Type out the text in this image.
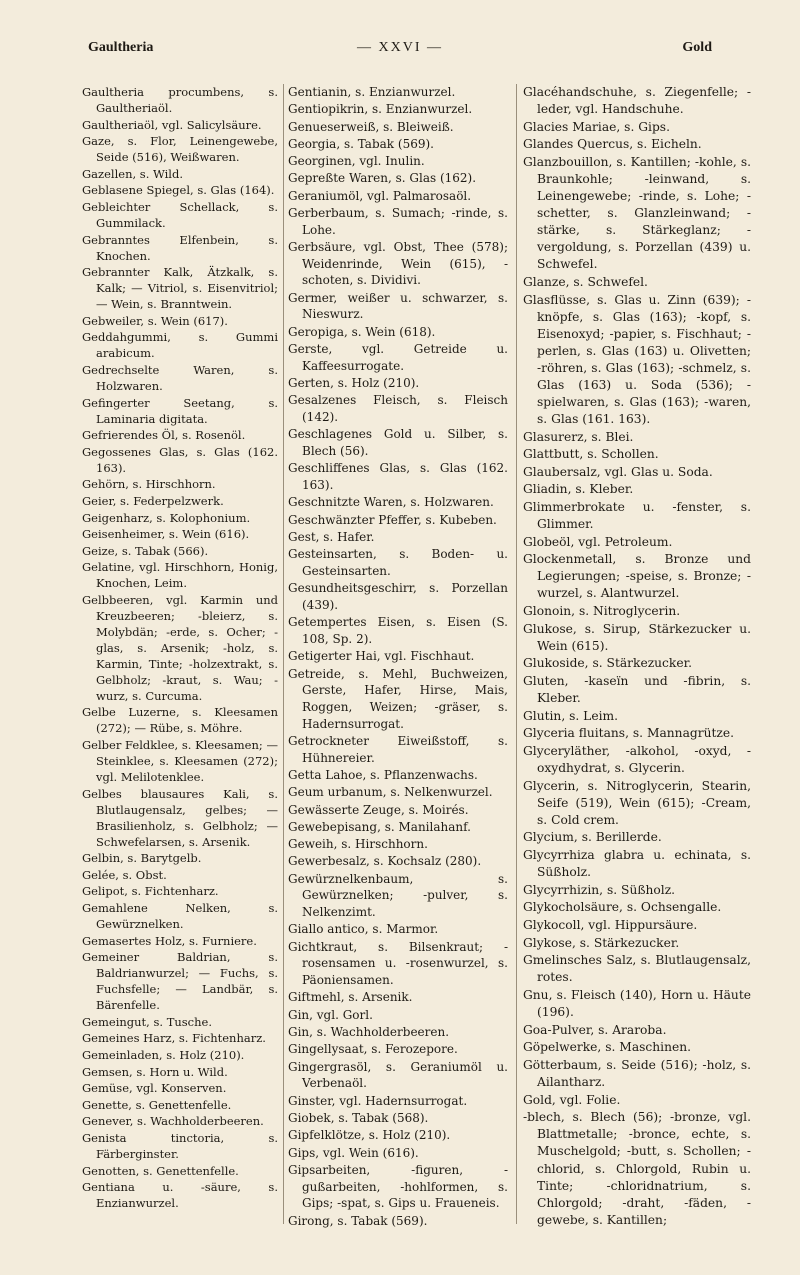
Gaultheria	— XXVI —	Gold

Gaultheria procumbens, s. Gaultheriaöl.

Gaultheriaöl, vgl. Salicylsäure.

Gaze, s. Flor, Leinengewebe, Seide (516), Weißwaren.

Gazellen, s. Wild.

Geblasene Spiegel, s. Glas (164).

Gebleichter Schellack, s. Gummilack.

Gebranntes Elfenbein, s. Knochen.

Gebrannter Kalk, Ätzkalk, s. Kalk; — Vitriol, s. Eisenvitriol; — Wein, s. Branntwein.

Gebweiler, s. Wein (617).

Geddahgummi, s. Gummi arabicum.

Gedrechselte Waren, s. Holzwaren.

Gefingerter Seetang, s. Laminaria digitata.

Gefrierendes Öl, s. Rosenöl.

Gegossenes Glas, s. Glas (162. 163).

Gehörn, s. Hirschhorn.

Geier, s. Federpelzwerk.

Geigenharz, s. Kolophonium.

Geisenheimer, s. Wein (616).

Geize, s. Tabak (566).

Gelatine, vgl. Hirschhorn, Honig, Knochen, Leim.

Gelbbeeren, vgl. Karmin und Kreuzbeeren; -bleierz, s. Molybdän; -erde, s. Ocher; -glas, s. Arsenik; -holz, s. Karmin, Tinte; -holzextrakt, s. Gelbholz; -kraut, s. Wau; -wurz, s. Curcuma.

Gelbe Luzerne, s. Kleesamen (272); — Rübe, s. Möhre.

Gelber Feldklee, s. Kleesamen; — Steinklee, s. Kleesamen (272); vgl. Melilotenklee.

Gelbes blausaures Kali, s. Blutlaugensalz, gelbes; — Brasilienholz, s. Gelbholz; — Schwefelarsen, s. Arsenik.

Gelbin, s. Barytgelb.

Gelée, s. Obst.

Gelipot, s. Fichtenharz.

Gemahlene Nelken, s. Gewürznelken.

Gemasertes Holz, s. Furniere.

Gemeiner Baldrian, s. Baldrianwurzel; — Fuchs, s. Fuchsfelle; — Landbär, s. Bärenfelle.

Gemeingut, s. Tusche.

Gemeines Harz, s. Fichtenharz.

Gemeinladen, s. Holz (210).

Gemsen, s. Horn u. Wild.

Gemüse, vgl. Konserven.

Genette, s. Genettenfelle.

Genever, s. Wachholderbeeren.

Genista tinctoria, s. Färberginster.

Genotten, s. Genettenfelle.

Gentiana u. -säure, s. Enzianwurzel.

Gentianin, s. Enzianwurzel.

Gentiopikrin, s. Enzianwurzel.

Genueserweiß, s. Bleiweiß.

Georgia, s. Tabak (569).

Georginen, vgl. Inulin.

Gepreßte Waren, s. Glas (162).

Geraniumöl, vgl. Palmarosaöl.

Gerberbaum, s. Sumach; -rinde, s. Lohe.

Gerbsäure, vgl. Obst, Thee (578); Weidenrinde, Wein (615), -schoten, s. Dividivi.

Germer, weißer u. schwarzer, s. Nieswurz.

Geropiga, s. Wein (618).

Gerste, vgl. Getreide u. Kaffeesurrogate.

Gerten, s. Holz (210).

Gesalzenes Fleisch, s. Fleisch (142).

Geschlagenes Gold u. Silber, s. Blech (56).

Geschliffenes Glas, s. Glas (162. 163).

Geschnitzte Waren, s. Holzwaren.

Geschwänzter Pfeffer, s. Kubeben.

Gest, s. Hafer.

Gesteinsarten, s. Boden- u. Gesteinsarten.

Gesundheitsgeschirr, s. Porzellan (439).

Getempertes Eisen, s. Eisen (S. 108, Sp. 2).

Getigerter Hai, vgl. Fischhaut.

Getreide, s. Mehl, Buchweizen, Gerste, Hafer, Hirse, Mais, Roggen, Weizen; -gräser, s. Hadernsurrogat.

Getrockneter Eiweißstoff, s. Hühnereier.

Getta Lahoe, s. Pflanzenwachs.

Geum urbanum, s. Nelkenwurzel.

Gewässerte Zeuge, s. Moirés.

Gewebepisang, s. Manilahanf.

Geweih, s. Hirschhorn.

Gewerbesalz, s. Kochsalz (280).

Gewürznelkenbaum, s. Gewürznelken; -pulver, s. Nelkenzimt.

Giallo antico, s. Marmor.

Gichtkraut, s. Bilsenkraut; -rosensamen u. -rosenwurzel, s. Päoniensamen.

Giftmehl, s. Arsenik.

Gin, vgl. Gorl.

Gin, s. Wachholderbeeren.

Gingellysaat, s. Ferozepore.

Gingergrasöl, s. Geraniumöl u. Verbenaöl.

Ginster, vgl. Hadernsurrogat.

Giobek, s. Tabak (568).

Gipfelklötze, s. Holz (210).

Gips, vgl. Wein (616).

Gipsarbeiten, -figuren, -gußarbeiten, -hohlformen, s. Gips; -spat, s. Gips u. Fraueneis.

Girong, s. Tabak (569).

Glacéhandschuhe, s. Ziegenfelle; -leder, vgl. Handschuhe.

Glacies Mariae, s. Gips.

Glandes Quercus, s. Eicheln.

Glanzbouillon, s. Kantillen; -kohle, s. Braunkohle; -leinwand, s. Leinengewebe; -rinde, s. Lohe; -schetter, s. Glanzleinwand; -stärke, s. Stärkeglanz; -vergoldung, s. Porzellan (439) u. Schwefel.

Glanze, s. Schwefel.

Glasflüsse, s. Glas u. Zinn (639); -knöpfe, s. Glas (163); -kopf, s. Eisenoxyd; -papier, s. Fischhaut; -perlen, s. Glas (163) u. Olivetten; -röhren, s. Glas (163); -schmelz, s. Glas (163) u. Soda (536); -spielwaren, s. Glas (163); -waren, s. Glas (161. 163).

Glasurerz, s. Blei.

Glattbutt, s. Schollen.

Glaubersalz, vgl. Glas u. Soda.

Gliadin, s. Kleber.

Glimmerbrokate u. -fenster, s. Glimmer.

Globeöl, vgl. Petroleum.

Glockenmetall, s. Bronze und Legierungen; -speise, s. Bronze; -wurzel, s. Alantwurzel.

Glonoin, s. Nitroglycerin.

Glukose, s. Sirup, Stärkezucker u. Wein (615).

Glukoside, s. Stärkezucker.

Gluten, -kaseïn und -fibrin, s. Kleber.

Glutin, s. Leim.

Glyceria fluitans, s. Mannagrütze.

Glyceryläther, -alkohol, -oxyd, -oxydhydrat, s. Glycerin.

Glycerin, s. Nitroglycerin, Stearin, Seife (519), Wein (615); -Cream, s. Cold crem.

Glycium, s. Berillerde.

Glycyrrhiza glabra u. echinata, s. Süßholz.

Glycyrrhizin, s. Süßholz.

Glykocholsäure, s. Ochsengalle.

Glykocoll, vgl. Hippursäure.

Glykose, s. Stärkezucker.

Gmelinsches Salz, s. Blutlaugensalz, rotes.

Gnu, s. Fleisch (140), Horn u. Häute (196).

Goa-Pulver, s. Araroba.

Göpelwerke, s. Maschinen.

Götterbaum, s. Seide (516); -holz, s. Ailantharz.

Gold, vgl. Folie.

-blech, s. Blech (56); -bronze, vgl. Blattmetalle; -bronce, echte, s. Muschelgold; -butt, s. Schollen; -chlorid, s. Chlorgold, Rubin u. Tinte; -chloridnatrium, s. Chlorgold; -draht, -fäden, -gewebe, s. Kantillen;
